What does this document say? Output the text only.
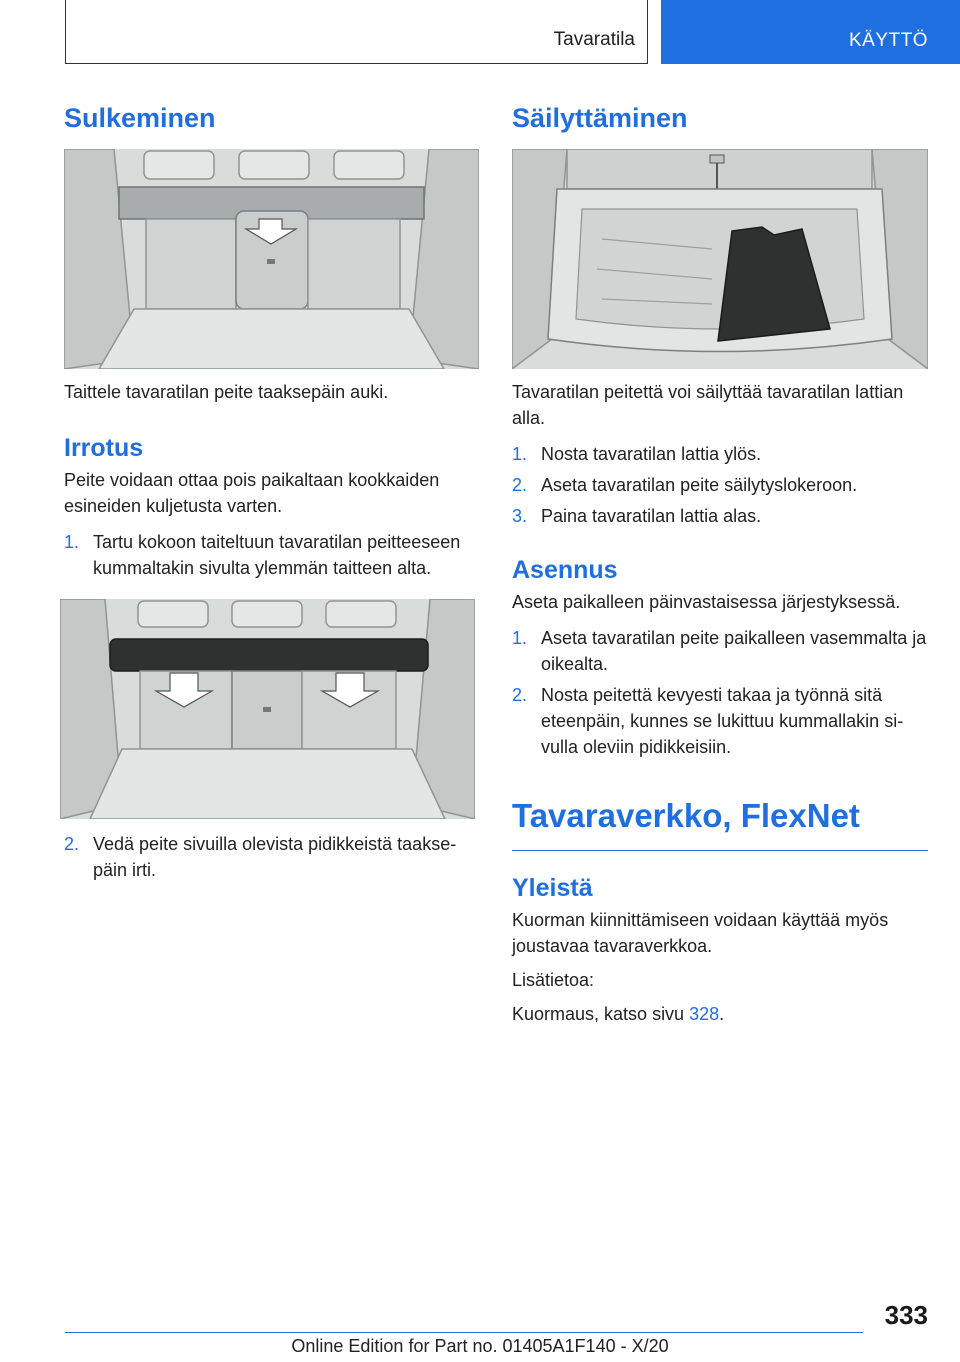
Tavaratila	KÄYTTÖ
Sulkeminen

Taittele tavaratilan peite taaksepäin auki.

Irrotus

Peite voidaan ottaa pois paikaltaan kookkaiden esineiden kuljetusta varten.

1. Tartu kokoon taiteltuun tavaratilan peitteeseen kummaltakin sivulta ylemmän taitteen alta.
2. Vedä peite sivuilla olevista pidikkeistä taaksepäin irti.
Säilyttäminen

Tavaratilan peitettä voi säilyttää tavaratilan lattian alla.

1. Nosta tavaratilan lattia ylös.
2. Aseta tavaratilan peite säilytyslokeroon.
3. Paina tavaratilan lattia alas.
Asennus

Aseta paikalleen päinvastaisessa järjestyksessä.

1. Aseta tavaratilan peite paikalleen vasemmalta ja oikealta.
2. Nosta peitettä kevyesti takaa ja työnnä sitä eteenpäin, kunnes se lukittuu kummallakin sivulla oleviin pidikkeisiin.
Tavaraverkko, FlexNet
Yleistä

Kuorman kiinnittämiseen voidaan käyttää myös joustavaa tavaraverkkoa.

Lisätietoa:

Kuormaus, katso sivu 328.

333
Online Edition for Part no. 01405A1F140 - X/20
